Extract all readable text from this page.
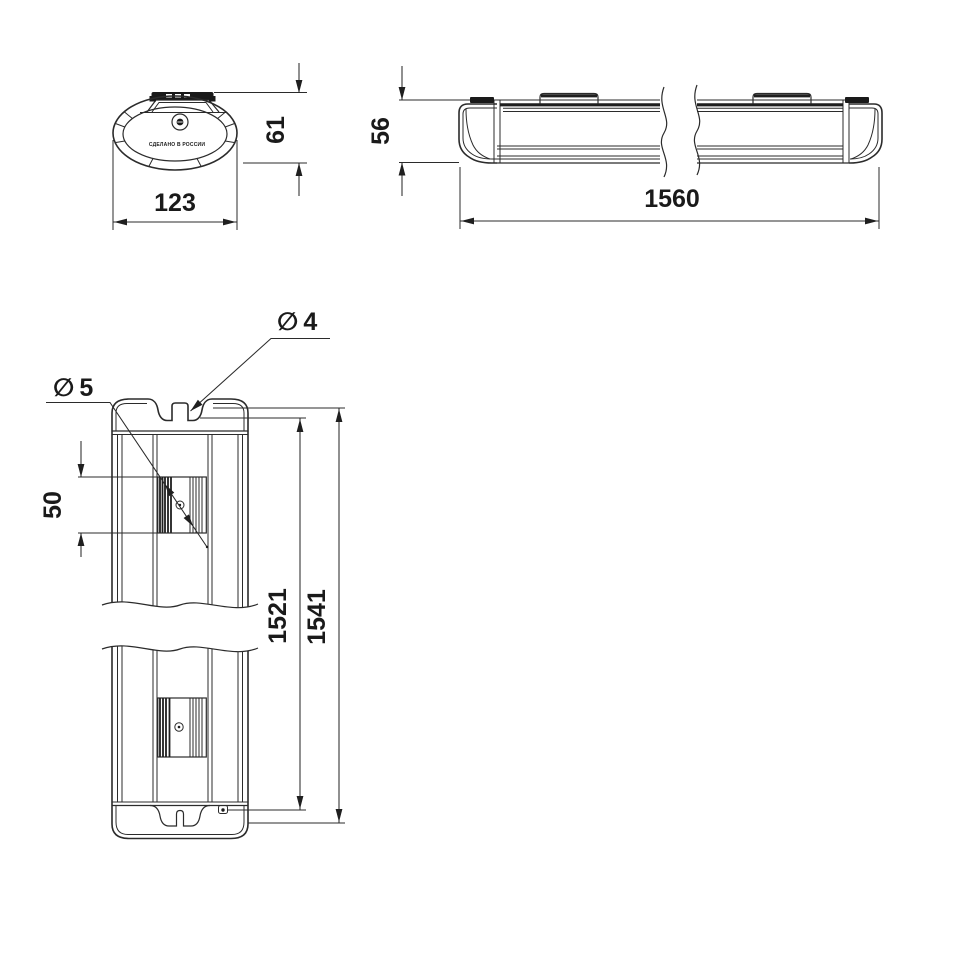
СДЕЛАНО В РОССИИ
61
123
56
1560
∅ 4
∅ 5
50
1521 1541
